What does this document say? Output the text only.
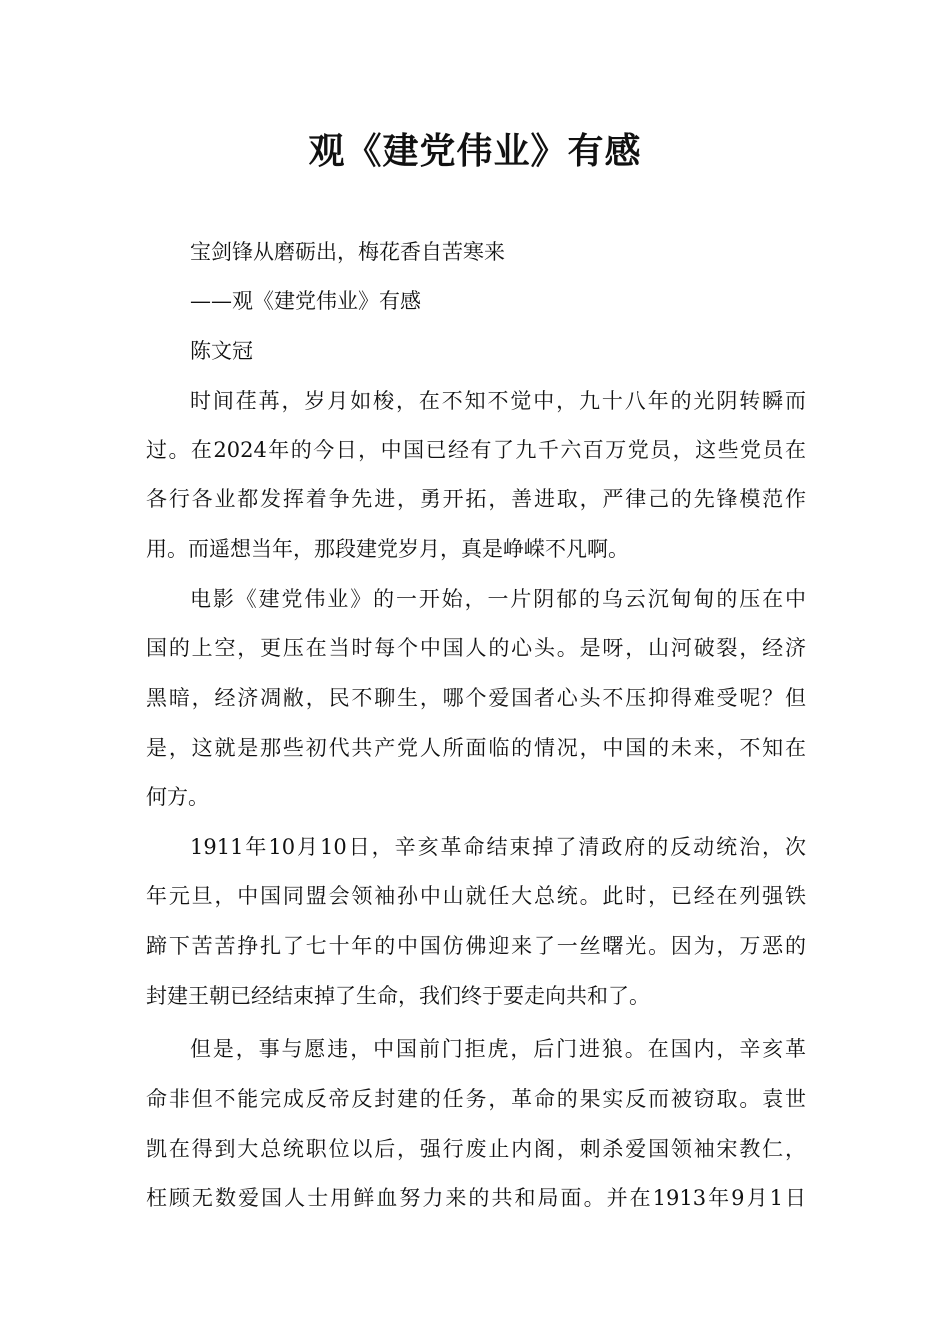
观《建党伟业》有感
宝剑锋从磨砺出，梅花香自苦寒来
——观《建党伟业》有感
陈文冠
时间荏苒，岁月如梭，在不知不觉中，九十八年的光阴转瞬而
过。在2024年的今日，中国已经有了九千六百万党员，这些党员在
各行各业都发挥着争先进，勇开拓，善进取，严律己的先锋模范作
用。而遥想当年，那段建党岁月，真是峥嵘不凡啊。
电影《建党伟业》的一开始，一片阴郁的乌云沉甸甸的压在中
国的上空，更压在当时每个中国人的心头。是呀，山河破裂，经济
黑暗，经济凋敝，民不聊生，哪个爱国者心头不压抑得难受呢？但
是，这就是那些初代共产党人所面临的情况，中国的未来，不知在
何方。
1911年10月10日，辛亥革命结束掉了清政府的反动统治，次
年元旦，中国同盟会领袖孙中山就任大总统。此时，已经在列强铁
蹄下苦苦挣扎了七十年的中国仿佛迎来了一丝曙光。因为，万恶的
封建王朝已经结束掉了生命，我们终于要走向共和了。
但是，事与愿违，中国前门拒虎，后门进狼。在国内，辛亥革
命非但不能完成反帝反封建的任务，革命的果实反而被窃取。袁世
凯在得到大总统职位以后，强行废止内阁，刺杀爱国领袖宋教仁，
枉顾无数爱国人士用鲜血努力来的共和局面。并在1913年9月1日
